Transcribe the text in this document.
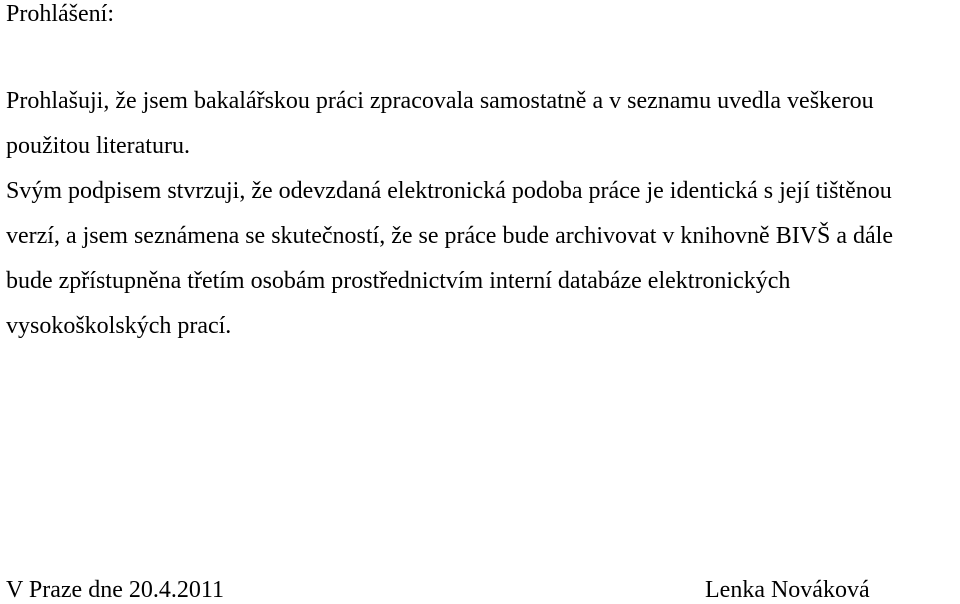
Prohlášení:
Prohlašuji, že jsem bakalářskou práci zpracovala samostatně a v seznamu uvedla veškerou
použitou literaturu.
Svým podpisem stvrzuji, že odevzdaná elektronická podoba práce je identická s její tištěnou
verzí, a jsem seznámena se skutečností, že se práce bude archivovat v knihovně BIVŠ a dále
bude zpřístupněna třetím osobám prostřednictvím interní databáze elektronických
vysokoškolských prací.
V Praze dne 20.4.2011	Lenka Nováková
